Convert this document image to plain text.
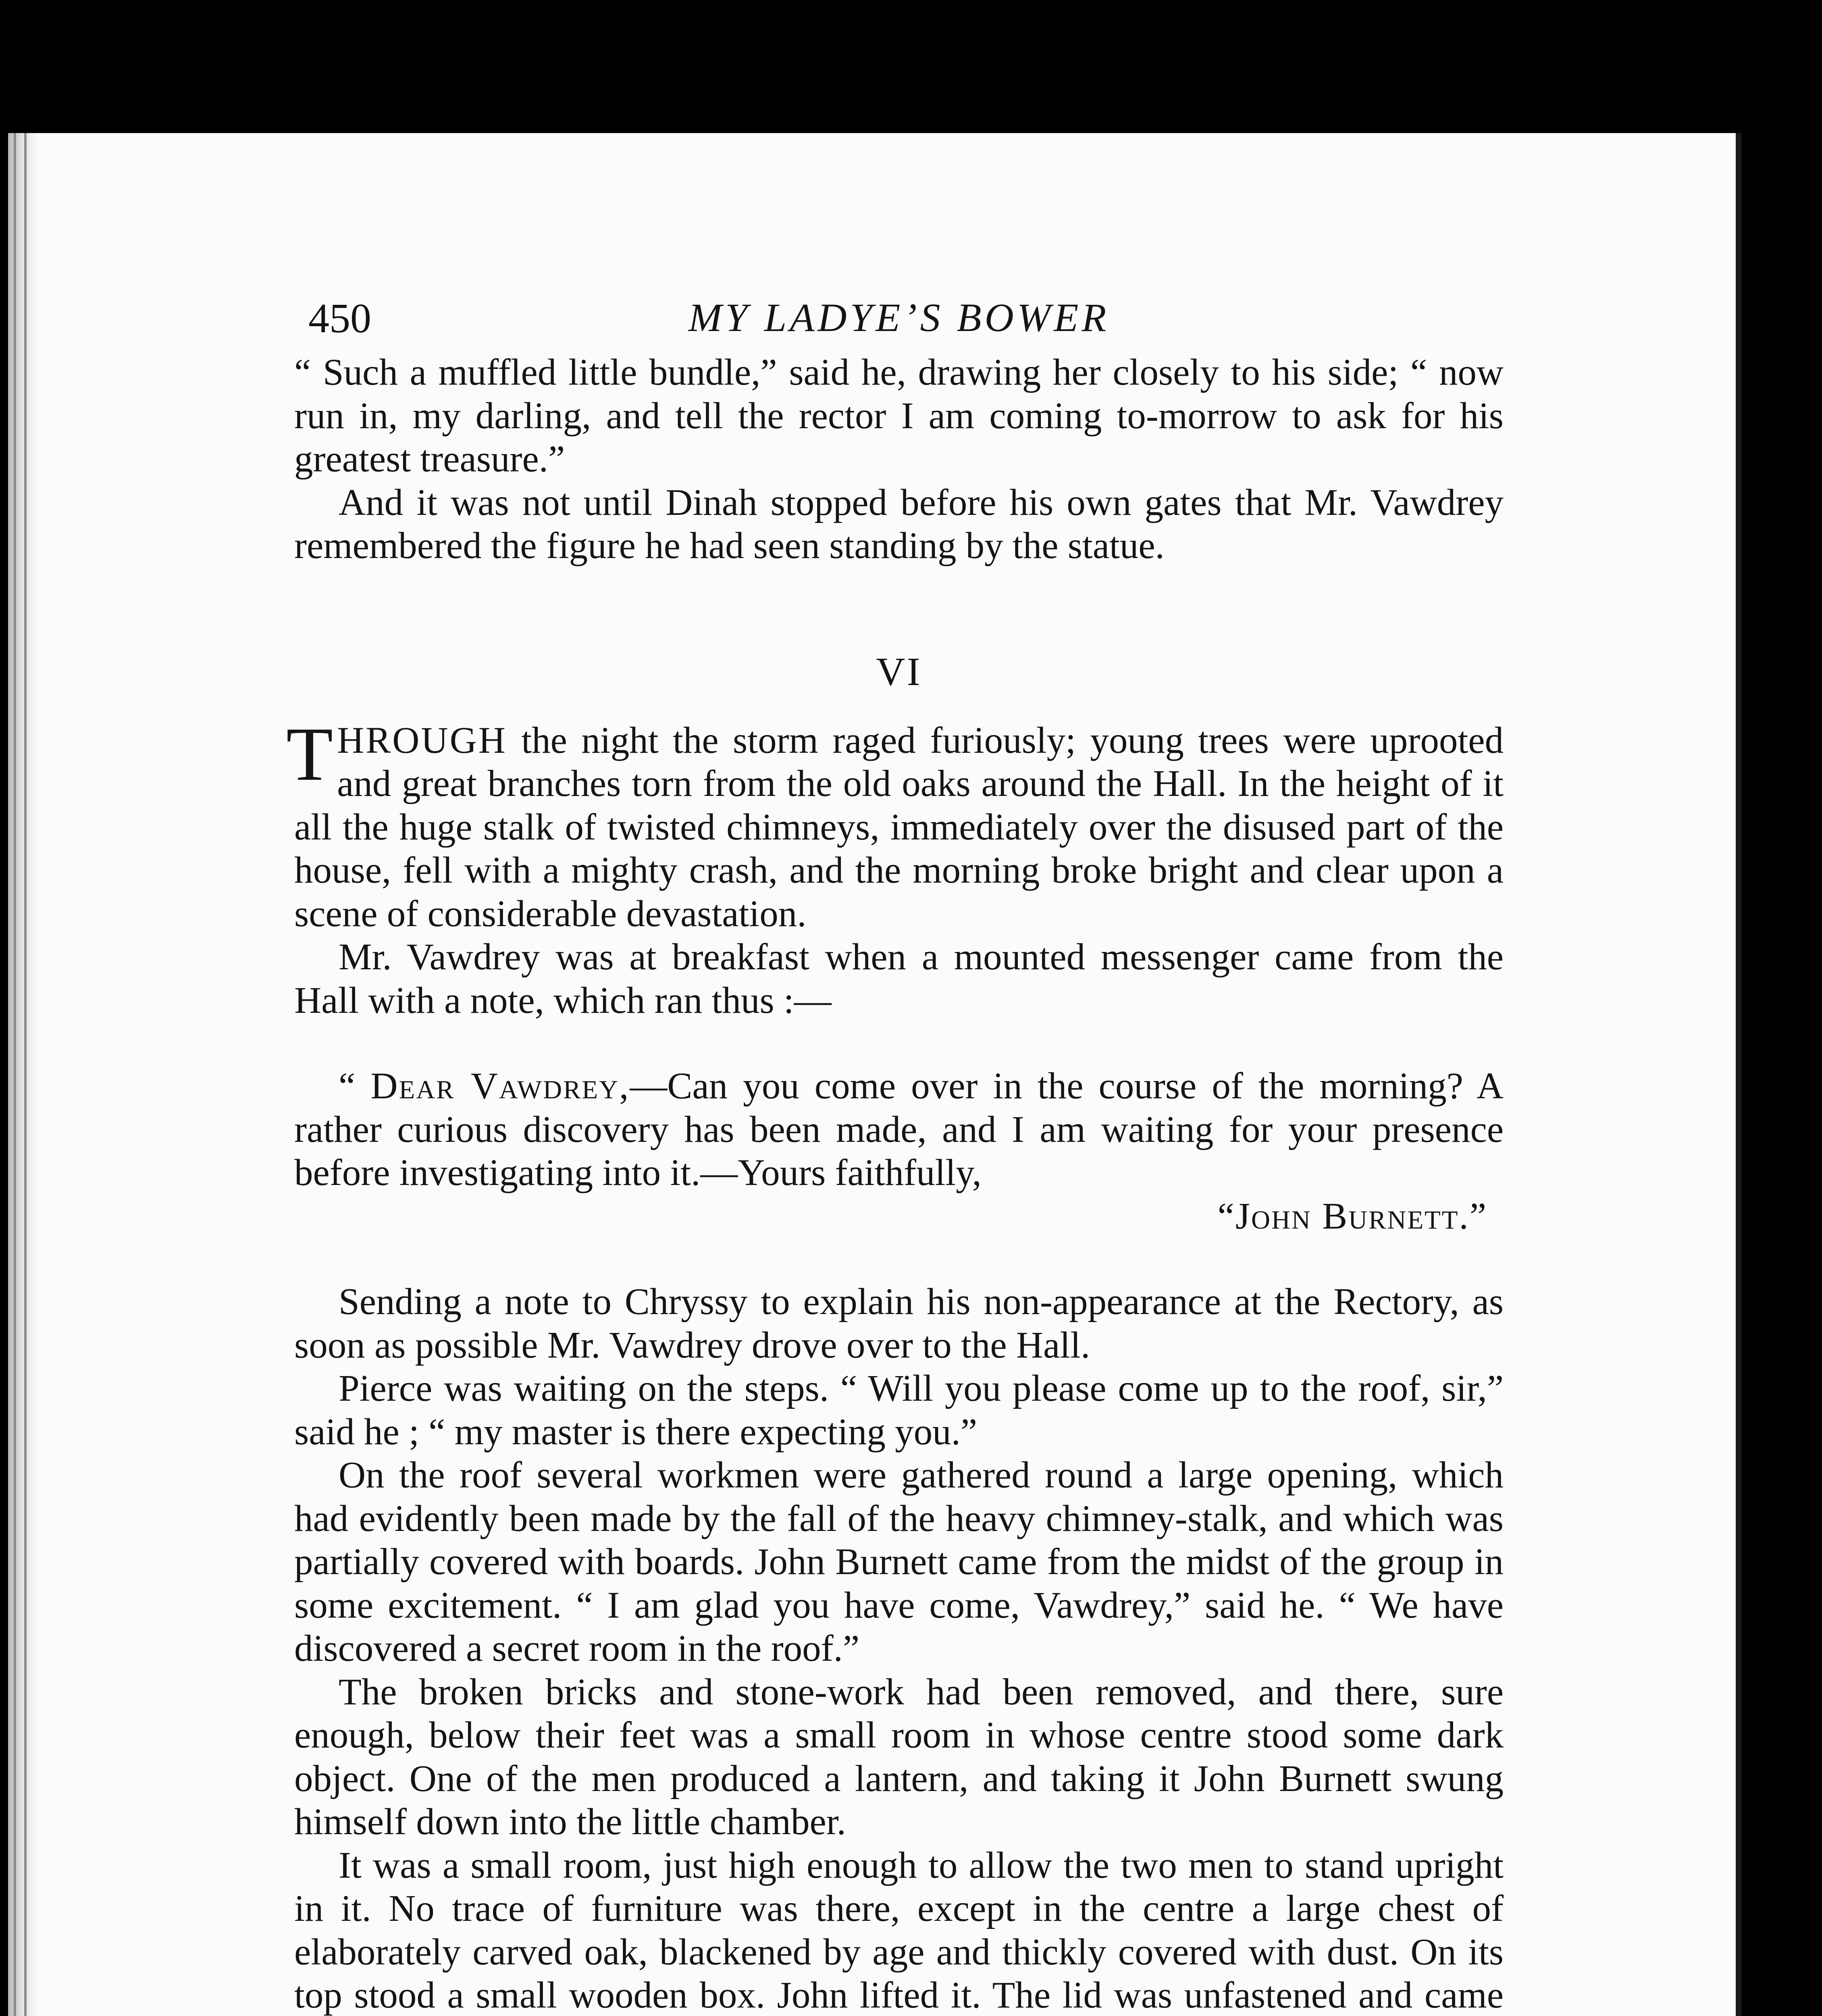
450	MY LADYE’S BOWER

“ Such a muffled little bundle,” said he, drawing her closely to his side; “ now run in, my darling, and tell the rector I am coming to-morrow to ask for his greatest treasure.”

And it was not until Dinah stopped before his own gates that Mr. Vawdrey remembered the figure he had seen standing by the statue.

VI

THROUGH the night the storm raged furiously; young trees were uprooted and great branches torn from the old oaks around the Hall. In the height of it all the huge stalk of twisted chimneys, immediately over the disused part of the house, fell with a mighty crash, and the morning broke bright and clear upon a scene of considerable devastation.

Mr. Vawdrey was at breakfast when a mounted messenger came from the Hall with a note, which ran thus :—

“ Dear Vawdrey,—Can you come over in the course of the morning? A rather curious discovery has been made, and I am waiting for your presence before investigating into it.—Yours faithfully,

“John Burnett.”

Sending a note to Chryssy to explain his non-appearance at the Rectory, as soon as possible Mr. Vawdrey drove over to the Hall.

Pierce was waiting on the steps. “ Will you please come up to the roof, sir,” said he ; “ my master is there expecting you.”

On the roof several workmen were gathered round a large opening, which had evidently been made by the fall of the heavy chimney-stalk, and which was partially covered with boards. John Burnett came from the midst of the group in some excitement. “ I am glad you have come, Vawdrey,” said he. “ We have discovered a secret room in the roof.”

The broken bricks and stone-work had been removed, and there, sure enough, below their feet was a small room in whose centre stood some dark object. One of the men produced a lantern, and taking it John Burnett swung himself down into the little chamber.

It was a small room, just high enough to allow the two men to stand upright in it. No trace of furniture was there, except in the centre a large chest of elaborately carved oak, blackened by age and thickly covered with dust. On its top stood a small wooden box. John lifted it. The lid was unfastened and came
